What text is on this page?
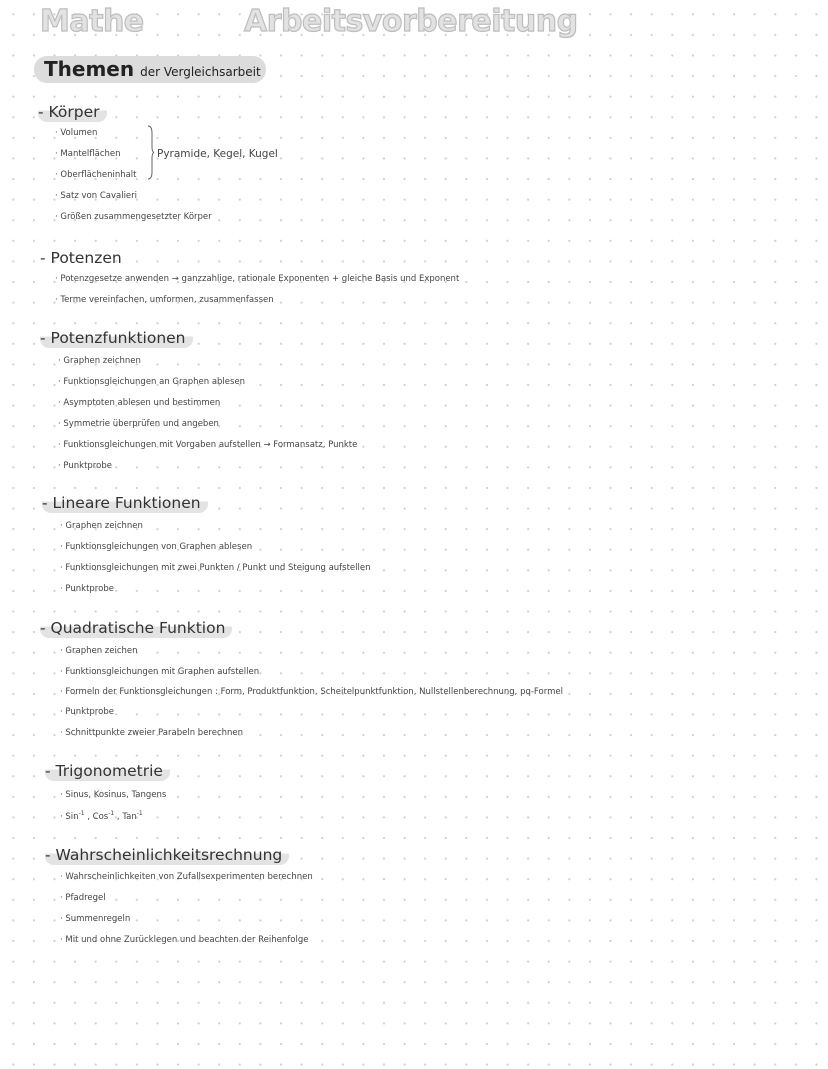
Mathe	Arbeitsvorbereitung
Themen der Vergleichsarbeit
- Körper
· Volumen
· Mantelflächen
· Oberflächeninhalt
· Satz von Cavalieri
· Größen zusammengesetzter Körper
Pyramide, Kegel, Kugel
- Potenzen
· Potenzgesetze anwenden → ganzzahlige, rationale Exponenten + gleiche Basis und Exponent
· Terme vereinfachen, umformen, zusammenfassen
- Potenzfunktionen
· Graphen zeichnen
· Funktionsgleichungen an Graphen ablesen
· Asymptoten ablesen und bestimmen
· Symmetrie überprüfen und angeben
· Funktionsgleichungen mit Vorgaben aufstellen → Formansatz, Punkte
· Punktprobe
- Lineare Funktionen
· Graphen zeichnen
· Funktionsgleichungen von Graphen ablesen
· Funktionsgleichungen mit zwei Punkten / Punkt und Steigung aufstellen
· Punktprobe
- Quadratische Funktion
· Graphen zeichen
· Funktionsgleichungen mit Graphen aufstellen
· Formeln der Funktionsgleichungen : Form, Produktfunktion, Scheitelpunktfunktion, Nullstellenberechnung, pq-Formel
· Punktprobe
· Schnittpunkte zweier Parabeln berechnen
- Trigonometrie
· Sinus, Kosinus, Tangens
· Sin$^{-1}$ , Cos$^{-1}$ , Tan$^{-1}$
- Wahrscheinlichkeitsrechnung
· Wahrscheinlichkeiten von Zufallsexperimenten berechnen
· Pfadregel
· Summenregeln
· Mit und ohne Zurücklegen und beachten der Reihenfolge
